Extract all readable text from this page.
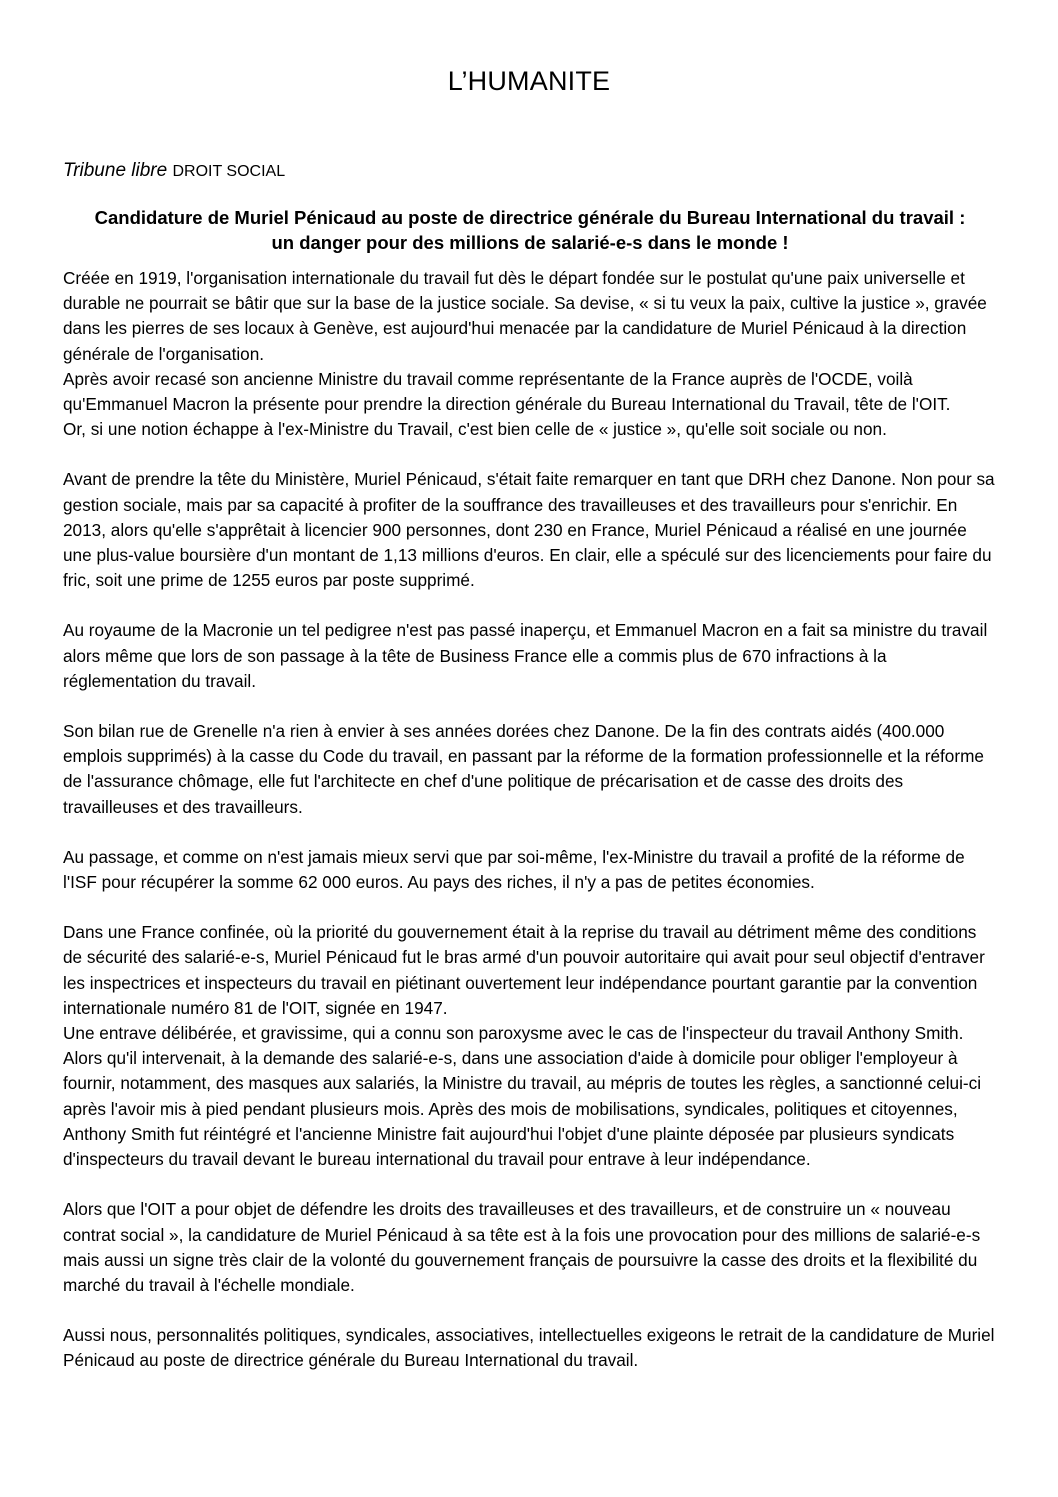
L’HUMANITE
Tribune libre DROIT SOCIAL
Candidature de Muriel Pénicaud au poste de directrice générale du Bureau International du travail :
un danger pour des millions de salarié-e-s dans le monde !

Créée en 1919, l'organisation internationale du travail fut dès le départ fondée sur le postulat qu'une paix universelle et durable ne pourrait se bâtir que sur la base de la justice sociale. Sa devise, « si tu veux la paix, cultive la justice », gravée dans les pierres de ses locaux à Genève, est aujourd'hui menacée par la candidature de Muriel Pénicaud à la direction générale de l'organisation.

Après avoir recasé son ancienne Ministre du travail comme représentante de la France auprès de l'OCDE, voilà qu'Emmanuel Macron la présente pour prendre la direction générale du Bureau International du Travail, tête de l'OIT.

Or, si une notion échappe à l'ex-Ministre du Travail, c'est bien celle de « justice », qu'elle soit sociale ou non.

Avant de prendre la tête du Ministère, Muriel Pénicaud, s'était faite remarquer en tant que DRH chez Danone. Non pour sa gestion sociale, mais par sa capacité à profiter de la souffrance des travailleuses et des travailleurs pour s'enrichir. En 2013, alors qu'elle s'apprêtait à licencier 900 personnes, dont 230 en France, Muriel Pénicaud a réalisé en une journée une plus-value boursière d'un montant de 1,13 millions d'euros. En clair, elle a spéculé sur des licenciements pour faire du fric, soit une prime de 1255 euros par poste supprimé.

Au royaume de la Macronie un tel pedigree n'est pas passé inaperçu, et Emmanuel Macron en a fait sa ministre du travail alors même que lors de son passage à la tête de Business France elle a commis plus de 670 infractions à la réglementation du travail.

Son bilan rue de Grenelle n'a rien à envier à ses années dorées chez Danone. De la fin des contrats aidés (400.000 emplois supprimés) à la casse du Code du travail, en passant par la réforme de la formation professionnelle et la réforme de l'assurance chômage, elle fut l'architecte en chef d'une politique de précarisation et de casse des droits des travailleuses et des travailleurs.

Au passage, et comme on n'est jamais mieux servi que par soi-même, l'ex-Ministre du travail a profité de la réforme de l'ISF pour récupérer la somme 62 000 euros. Au pays des riches, il n'y a pas de petites économies.

Dans une France confinée, où la priorité du gouvernement était à la reprise du travail au détriment même des conditions de sécurité des salarié-e-s, Muriel Pénicaud fut le bras armé d'un pouvoir autoritaire qui avait pour seul objectif d'entraver les inspectrices et inspecteurs du travail en piétinant ouvertement leur indépendance pourtant garantie par la convention internationale numéro 81 de l'OIT, signée en 1947.

Une entrave délibérée, et gravissime, qui a connu son paroxysme avec le cas de l'inspecteur du travail Anthony Smith. Alors qu'il intervenait, à la demande des salarié-e-s, dans une association d'aide à domicile pour obliger l'employeur à fournir, notamment, des masques aux salariés, la Ministre du travail, au mépris de toutes les règles, a sanctionné celui-ci après l'avoir mis à pied pendant plusieurs mois. Après des mois de mobilisations, syndicales, politiques et citoyennes, Anthony Smith fut réintégré et l'ancienne Ministre fait aujourd'hui l'objet d'une plainte déposée par plusieurs syndicats d'inspecteurs du travail devant le bureau international du travail pour entrave à leur indépendance.

Alors que l'OIT a pour objet de défendre les droits des travailleuses et des travailleurs, et de construire un « nouveau contrat social », la candidature de Muriel Pénicaud à sa tête est à la fois une provocation pour des millions de salarié-e-s mais aussi un signe très clair de la volonté du gouvernement français de poursuivre la casse des droits et la flexibilité du marché du travail à l'échelle mondiale.

Aussi nous, personnalités politiques, syndicales, associatives, intellectuelles exigeons le retrait de la candidature de Muriel Pénicaud au poste de directrice générale du Bureau International du travail.
